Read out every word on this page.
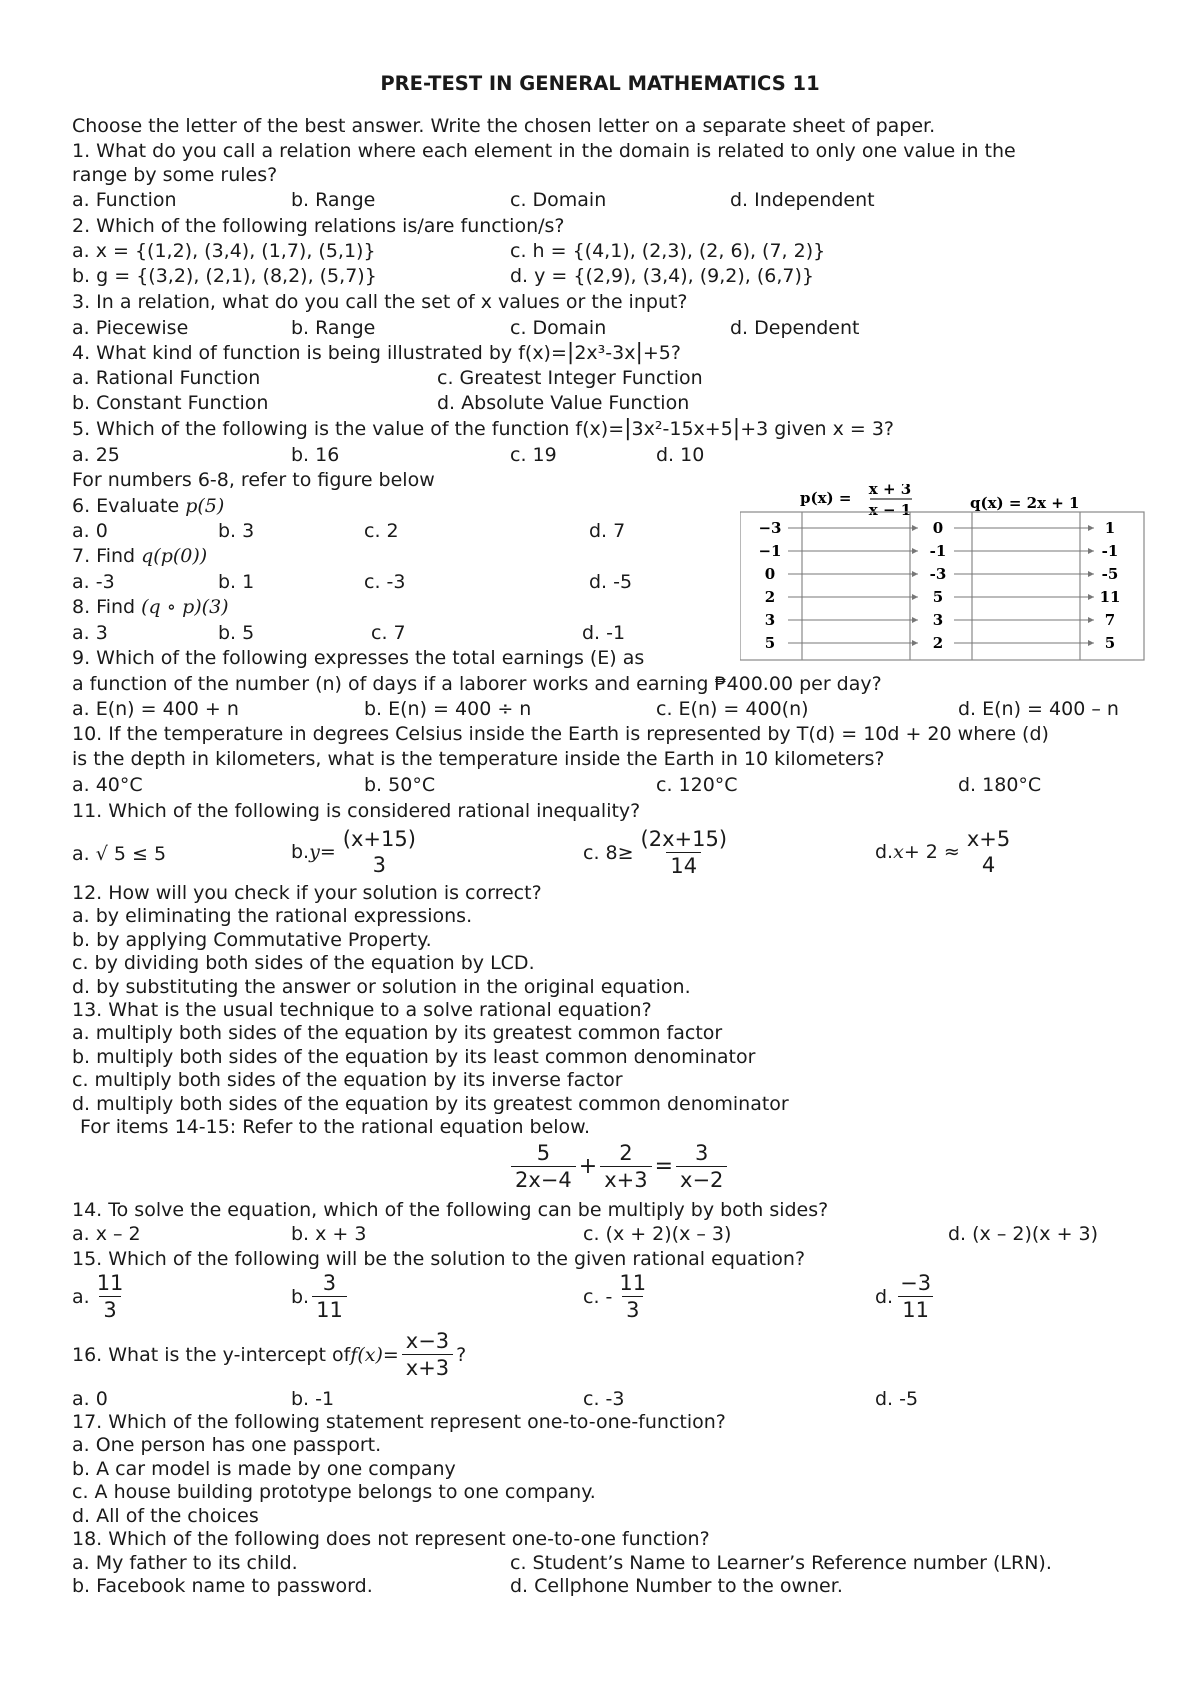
PRE-TEST IN GENERAL MATHEMATICS 11
Choose the letter of the best answer. Write the chosen letter on a separate sheet of paper.
1. What do you call a relation where each element in the domain is related to only one value in the
range by some rules?
a. Function	b. Range	c. Domain	d. Independent
2. Which of the following relations is/are function/s?
a. x = {(1,2), (3,4), (1,7), (5,1)}	c. h = {(4,1), (2,3), (2, 6), (7, 2)}
b. g = {(3,2), (2,1), (8,2), (5,7)}	d. y = {(2,9), (3,4), (9,2), (6,7)}
3. In a relation, what do you call the set of x values or the input?
a. Piecewise	b. Range	c. Domain	d. Dependent
4. What kind of function is being illustrated by f(x)=|2x³-3x|+5?
a. Rational Function	c. Greatest Integer Function
b. Constant Function	d. Absolute Value Function
5. Which of the following is the value of the function f(x)=|3x²-15x+5|+3 given x = 3?
a. 25	b. 16	c. 19	d. 10
For numbers 6-8, refer to figure below
6. Evaluate p(5)
a. 0	b. 3	c. 2	d. 7
7. Find q(p(0))
a. -3	b. 1	c. -3	d. -5
8. Find (q ∘ p)(3)
a. 3	b. 5	c. 7	d. -1
p(x) = x + 3
x − 1	q(x) = 2x + 1
−3	0	1
−1	-1	-1
0	-3	-5
2	5	11
3	3	7
5	2	5
9. Which of the following expresses the total earnings (E) as
a function of the number (n) of days if a laborer works and earning ₱400.00 per day?
a. E(n) = 400 + n	b. E(n) = 400 ÷ n	c. E(n) = 400(n)	d. E(n) = 400 – n
10. If the temperature in degrees Celsius inside the Earth is represented by T(d) = 10d + 20 where (d)
is the depth in kilometers, what is the temperature inside the Earth in 10 kilometers?
a. 40°C	b. 50°C	c. 120°C	d. 180°C
11. Which of the following is considered rational inequality?
a. √ 5 ≤ 5	b. y=
(x+15)
3
c. $8\ge \frac{(2x+15)}{14}$	d. x + 2 ≈
x+5
4
12. How will you check if your solution is correct?
a. by eliminating the rational expressions.
b. by applying Commutative Property.
c. by dividing both sides of the equation by LCD.
d. by substituting the answer or solution in the original equation.
13. What is the usual technique to a solve rational equation?
a. multiply both sides of the equation by its greatest common factor
b. multiply both sides of the equation by its least common denominator
c. multiply both sides of the equation by its inverse factor
d. multiply both sides of the equation by its greatest common denominator
For items 14-15: Refer to the rational equation below.
$\frac{5}{2x-4} + \frac{2}{x+3} = \frac{3}{x-2}$
14. To solve the equation, which of the following can be multiply by both sides?
a. x – 2	b. x + 3	c. (x + 2)(x – 3)	d. (x – 2)(x + 3)
15. Which of the following will be the solution to the given rational equation?
a. $\frac{11}{3}$	b. $\frac{3}{11}$	c. - $\frac{11}{3}$	d. $\frac{-3}{11}$
16. What is the y-intercept of $f(x) = \frac{x-3}{x+3}$ ?
a. 0	b. -1	c. -3	d. -5
17. Which of the following statement represent one-to-one-function?
a. One person has one passport.
b. A car model is made by one company
c. A house building prototype belongs to one company.
d. All of the choices
18. Which of the following does not represent one-to-one function?
a. My father to its child.	c. Student’s Name to Learner’s Reference number (LRN).
b. Facebook name to password.	d. Cellphone Number to the owner.
